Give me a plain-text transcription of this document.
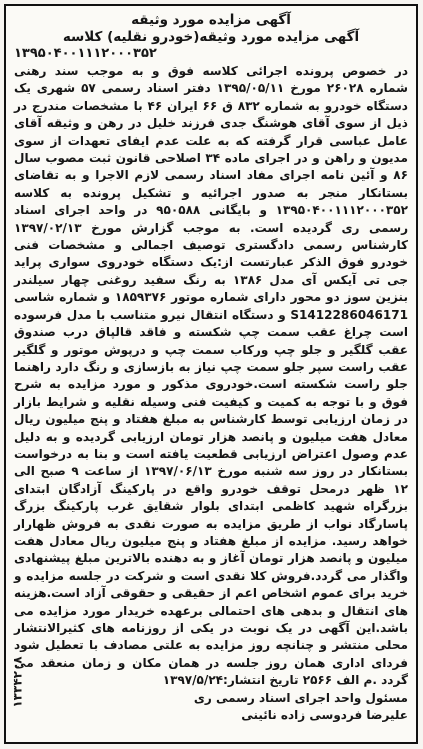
آگهی مزایده مورد وثیقه

آگهی مزایده مورد وثیقه(خودرو نقلیه) کلاسه

۱۳۹۵۰۴۰۰۱۱۱۲۰۰۰۳۵۲

در خصوص پرونده اجرائی کلاسه فوق و به موجب سند رهنی شماره ۲۶۰۲۸ مورخ ۱۳۹۵/۰۵/۱۱ دفتر اسناد رسمی ۵۷ شهری یک دستگاه خودرو به شماره ۸۳۲ ق ۶۶ ایران ۴۶ با مشخصات مندرج در ذیل از سوی آقای هوشنگ جدی فرزند خلیل در رهن و وثیقه آقای عامل عباسی قرار گرفته که به علت عدم ایفای تعهدات از سوی مدیون و راهن و در اجرای ماده ۳۴ اصلاحی قانون ثبت مصوب سال ۸۶ و آئین نامه اجرای مفاد اسناد رسمی لازم الاجرا و به تقاضای بستانکار منجر به صدور اجرائیه و تشکیل پرونده به کلاسه ۱۳۹۵۰۴۰۰۱۱۱۲۰۰۰۳۵۲ و بایگانی ۹۵۰۵۸۸ در واحد اجرای اسناد رسمی ری گردیده است. به موجب گزارش مورخ ۱۳۹۷/۰۲/۱۳ کارشناس رسمی دادگستری توصیف اجمالی و مشخصات فنی خودرو فوق الذکر عبارتست از:یک دستگاه خودروی سواری پراید جی تی آیکس آی مدل ۱۳۸۶ به رنگ سفید روغنی چهار سیلندر بنزین سوز دو محور دارای شماره موتور ۱۸۵۹۳۷۶ و شماره شاسی S1412286046171 و دستگاه انتقال نیرو متناسب با مدل فرسوده است چراغ عقب سمت چپ شکسته و فاقد قالپاق درب صندوق عقب گلگیر و جلو چپ ورکاب سمت چپ و درپوش موتور و گلگیر عقب راست سپر جلو سمت چپ نیاز به بازسازی و رنگ دارد راهنما جلو راست شکسته است.خودروی مذکور و مورد مزایده به شرح فوق و با توجه به کمیت و کیفیت فنی وسیله نقلیه و شرایط بازار در زمان ارزیابی توسط کارشناس به مبلغ هفتاد و پنج میلیون ریال معادل هفت میلیون و پانصد هزار تومان ارزیابی گردیده و به دلیل عدم وصول اعتراض ارزیابی قطعیت یافته است و بنا به درخواست بستانکار در روز سه شنبه مورخ ۱۳۹۷/۰۶/۱۳ از ساعت ۹ صبح الی ۱۲ ظهر درمحل توقف خودرو واقع در پارکینگ آزادگان ابتدای بزرگراه شهید کاظمی ابتدای بلوار شقایق غرب پارکینگ بزرگ پاسارگاد نواب از طریق مزایده به صورت نقدی به فروش ظهارار خواهد رسید. مزایده از مبلغ هفتاد و پنج میلیون ریال معادل هفت میلیون و پانصد هزار تومان آغاز و به دهنده بالاترین مبلغ پیشنهادی واگذار می گردد.فروش کلا نقدی است و شرکت در جلسه مزایده و خرید برای عموم اشخاص اعم از حقیقی و حقوقی آزاد است.هزینه های انتقال و بدهی های احتمالی برعهده خریدار مورد مزایده می باشد.این آگهی در یک نوبت در یکی از روزنامه های کثیرالانتشار محلی منتشر و چنانچه روز مزایده به علتی مصادف با تعطیل شود فردای اداری همان روز جلسه در همان مکان و زمان منعقد می گردد .م الف ۲۵۶۶ تاریخ انتشار:۱۳۹۷/۵/۲۴

مسئول واحد اجرای اسناد رسمی ری

علیرضا فردوسی زاده نائینی

۱۳۳۴۲۰۸
